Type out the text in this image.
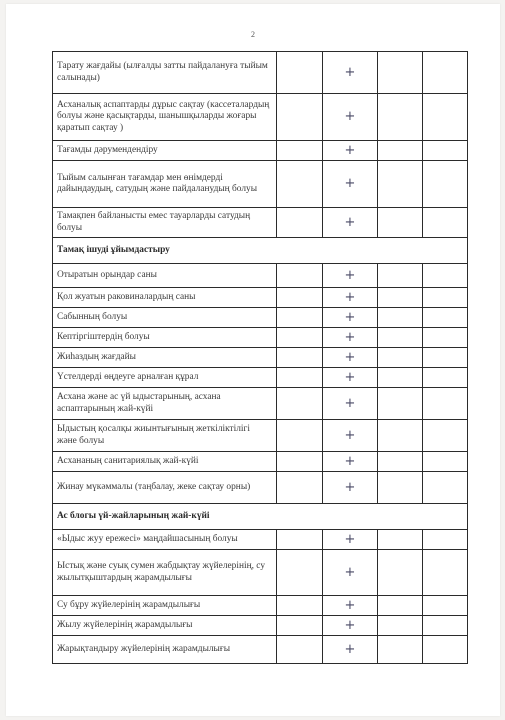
2
Тарату жағдайы (ылғалды затты пайдалануға тыйым салынады)		+		
Асханалық аспаптарды дұрыс сақтау (кассеталардың болуы және қасықтарды, шанышқыларды жоғары қаратып сақтау )		+		
Тағамды дәрумендендіру		+		
Тыйым салынған тағамдар мен өнімдерді дайындаудың, сатудың және пайдаланудың болуы		+		
Тамақпен байланысты емес тауарларды сатудың болуы		+		
Тамақ ішуді ұйымдастыру				
Отыратын орындар саны		+		
Қол жуатын раковиналардың саны		+		
Сабынның болуы		+		
Кептіргіштердің болуы		+		
Жиһаздың жағдайы		+		
Үстелдерді өңдеуге арналған құрал		+		
Асхана және ас үй ыдыстарының, асхана аспаптарының жай-күйі		+		
Ыдыстың қосалқы жиынтығының жеткіліктілігі және болуы		+		
Асхананың санитариялық жай-күйі		+		
Жинау мүкәммалы (таңбалау, жеке сақтау орны)		+		
Ас блогы үй-жайларының жай-күйі				
«Ыдыс жуу ережесі» маңдайшасының болуы		+		
Ыстық және суық сумен жабдықтау жүйелерінің, су жылытқыштардың жарамдылығы		+		
Су бұру жүйелерінің жарамдылығы		+		
Жылу жүйелерінің жарамдылығы		+		
Жарықтандыру жүйелерінің жарамдылығы		+		
